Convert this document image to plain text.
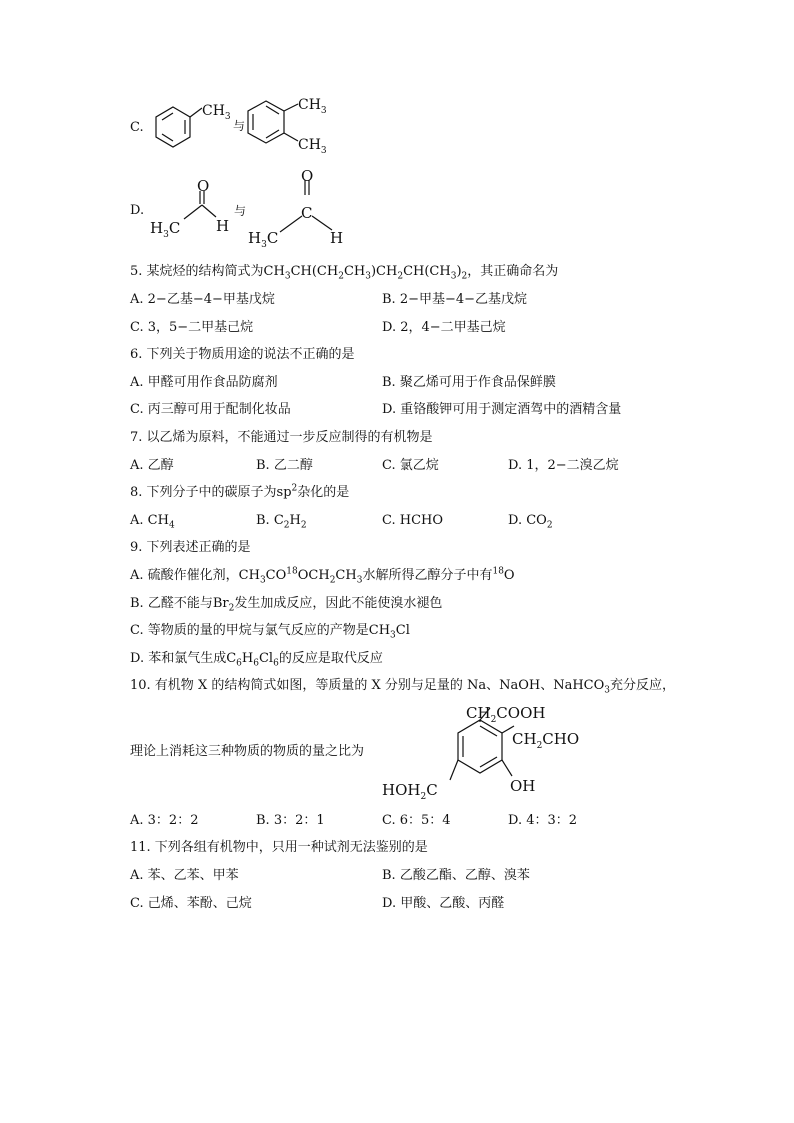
C.
$CH_3$
与
$CH_3$
$CH_3$
D.
O
$H_3C$ H
与
O
C
$H_3C$	H
5. 某烷烃的结构简式为$CH_3CH(CH_2CH_3)CH_2CH(CH_3)_2$，其正确命名为
A. 2−乙基−4−甲基戊烷	B. 2−甲基−4−乙基戊烷
C. 3，5−二甲基己烷	D. 2，4−二甲基己烷
6. 下列关于物质用途的说法不正确的是
A. 甲醛可用作食品防腐剂	B. 聚乙烯可用于作食品保鲜膜
C. 丙三醇可用于配制化妆品	D. 重铬酸钾可用于测定酒驾中的酒精含量
7. 以乙烯为原料，不能通过一步反应制得的有机物是
A. 乙醇	B. 乙二醇	C. 氯乙烷	D. 1，2−二溴乙烷
8. 下列分子中的碳原子为$sp^2$杂化的是
A. $CH_4$	B. $C_2H_2$	C. HCHO	D. $CO_2$
9. 下列表述正确的是
A. 硫酸作催化剂，$CH_3CO^{18}OCH_2CH_3$水解所得乙醇分子中有$^{18}$O
B. 乙醛不能与$Br_2$发生加成反应，因此不能使溴水褪色
C. 等物质的量的甲烷与氯气反应的产物是$CH_3Cl$
D. 苯和氯气生成$C_6H_6Cl_6$的反应是取代反应
10. 有机物 X 的结构简式如图，等质量的 X 分别与足量的 Na、NaOH、NaHCO$_3$充分反应，
理论上消耗这三种物质的物质的量之比为
$CH_2COOH$
$CH_2CHO$
OH
$HOH_2C$
A. 3：2：2	B. 3：2：1	C. 6：5：4	D. 4：3：2
11. 下列各组有机物中，只用一种试剂无法鉴别的是
A. 苯、乙苯、甲苯	B. 乙酸乙酯、乙醇、溴苯
C. 己烯、苯酚、己烷	D. 甲酸、乙酸、丙醛
